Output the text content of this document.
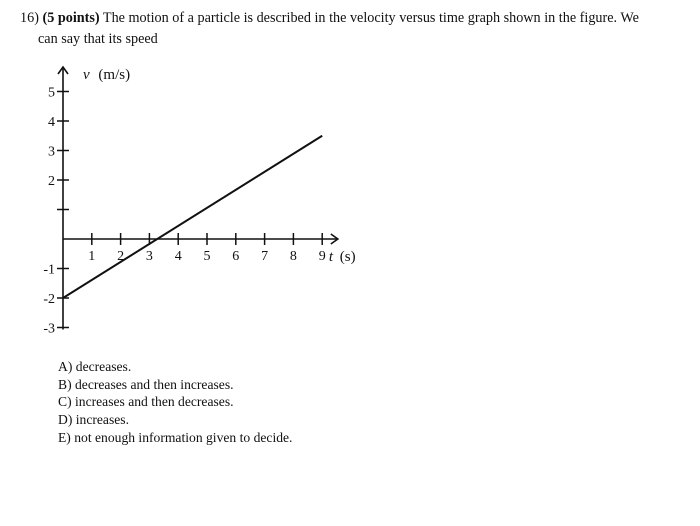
16) (5 points) The motion of a particle is described in the velocity versus time graph shown in the figure. We
can say that its speed
5
4
3
2
-1
-2
-3
1 2 3 4 5 6 7 8 9
v (m/s)
t (s)
A) decreases.
B) decreases and then increases.
C) increases and then decreases.
D) increases.
E) not enough information given to decide.
